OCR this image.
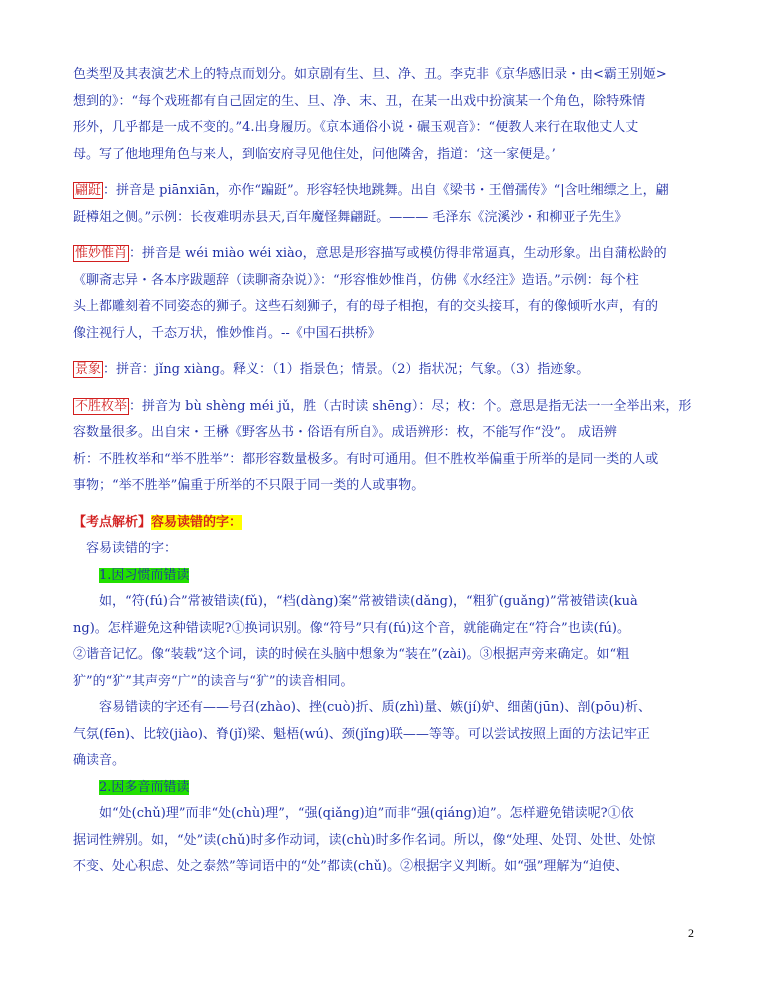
色类型及其表演艺术上的特点而划分。如京剧有生、旦、净、丑。李克非《京华感旧录・由<霸王别姬>

想到的》：“每个戏班都有自己固定的生、旦、净、末、丑，在某一出戏中扮演某一个角色，除特殊情

形外，几乎都是一成不变的。”4.出身履历。《京本通俗小说・碾玉观音》：“便教人来行在取他丈人丈

母。写了他地理角色与来人，到临安府寻见他住处，问他隣舍，指道：‘这一家便是。’

翩跹 ：拼音是 piānxiān，亦作“蹁跹”。形容轻快地跳舞。出自《梁书・王僧孺传》“|含吐缃缥之上，翩

跹樽俎之侧。”示例：长夜难明赤县天,百年魔怪舞翩跹。——— 毛泽东《浣溪沙・和柳亚子先生》

惟妙惟肖 ：拼音是 wéi miào wéi xiào，意思是形容描写或模仿得非常逼真，生动形象。出自蒲松龄的

《聊斋志异・各本序跋题辞（读聊斋杂说）》：“形容惟妙惟肖，仿佛《水经注》造语。”示例：每个柱

头上都雕刻着不同姿态的狮子。这些石刻狮子，有的母子相抱，有的交头接耳，有的像倾听水声，有的

像注视行人，千态万状，惟妙惟肖。--《中国石拱桥》

景象 ：拼音：jǐng xiàng。释义：（1）指景色；情景。（2）指状况；气象。（3）指迹象。

不胜枚举 ：拼音为 bù shèng méi jǔ，胜（古时读 shēng）：尽；枚：个。意思是指无法一一全举出来，形

容数量很多。出自宋・王楙《野客丛书・俗语有所自》。成语辨形：枚，不能写作“没”。 成语辨

析：不胜枚举和“举不胜举”：都形容数量极多。有时可通用。但不胜枚举偏重于所举的是同一类的人或

事物；“举不胜举”偏重于所举的不只限于同一类的人或事物。

【考点解析】容易读错的字：

容易读错的字：

1.因习惯而错读

如，“符(fú)合”常被错读(fǔ)，“档(dàng)案”常被错读(dǎng)，“粗犷(guǎng)”常被错读(kuà

ng)。怎样避免这种错读呢?①换词识别。像“符号”只有(fú)这个音，就能确定在“符合”也读(fú)。

②谐音记忆。像“装载”这个词，读的时候在头脑中想象为“装在”(zài)。③根据声旁来确定。如“粗

犷”的“犷”其声旁“广”的读音与“犷”的读音相同。

容易错读的字还有——号召(zhào)、挫(cuò)折、质(zhì)量、嫉(jí)妒、细菌(jūn)、剖(pōu)析、

气氛(fēn)、比较(jiào)、脊(jǐ)梁、魁梧(wú)、颈(jǐng)联——等等。可以尝试按照上面的方法记牢正

确读音。

2.因多音而错读

如“处(chǔ)理”而非“处(chù)理”，“强(qiǎng)迫”而非“强(qiáng)迫”。怎样避免错读呢?①依

据词性辨别。如，“处”读(chǔ)时多作动词，读(chù)时多作名词。所以，像“处理、处罚、处世、处惊

不变、处心积虑、处之泰然”等词语中的“处”都读(chǔ)。②根据字义判断。如“强”理解为“迫使、

2
